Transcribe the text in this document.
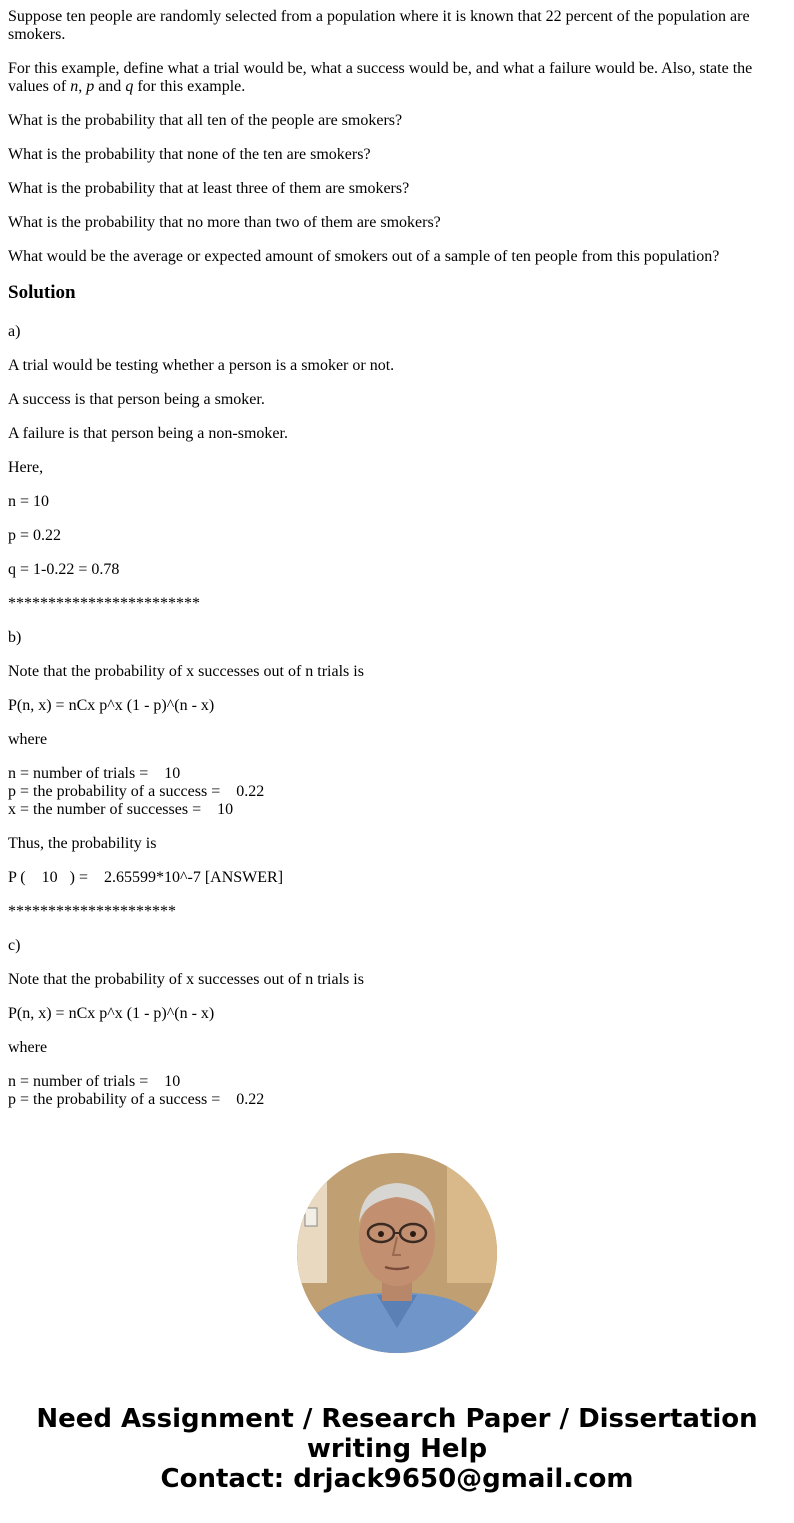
Suppose ten people are randomly selected from a population where it is known that 22 percent of the population are smokers.

For this example, define what a trial would be, what a success would be, and what a failure would be. Also, state the values of n, p and q for this example.

What is the probability that all ten of the people are smokers?

What is the probability that none of the ten are smokers?

What is the probability that at least three of them are smokers?

What is the probability that no more than two of them are smokers?

What would be the average or expected amount of smokers out of a sample of ten people from this population?

Solution

a)

A trial would be testing whether a person is a smoker or not.

A success is that person being a smoker.

A failure is that person being a non-smoker.

Here,

n = 10

p = 0.22

q = 1-0.22 = 0.78

************************

b)

Note that the probability of x successes out of n trials is

P(n, x) = nCx p^x (1 - p)^(n - x)

where

n = number of trials =    10

p = the probability of a success =    0.22

x = the number of successes =    10

Thus, the probability is

P (    10   ) =    2.65599*10^-7 [ANSWER]

*********************

c)

Note that the probability of x successes out of n trials is

P(n, x) = nCx p^x (1 - p)^(n - x)

where

n = number of trials =    10

p = the probability of a success =    0.22

Need Assignment / Research Paper / Dissertation
writing Help
Contact: drjack9650@gmail.com
